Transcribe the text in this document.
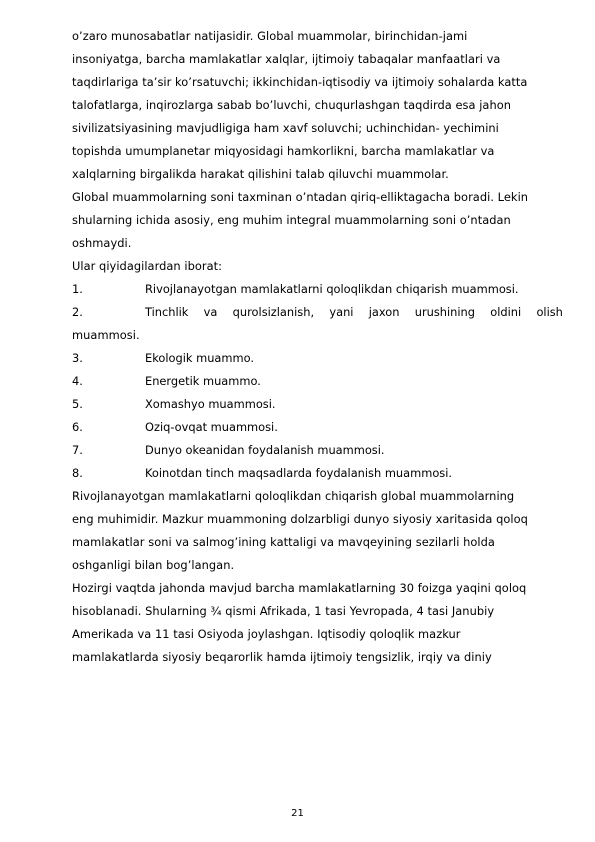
o’zaro munosabatlar natijasidir. Global muammolar, birinchidan-jami
insoniyatga, barcha mamlakatlar xalqlar, ijtimoiy tabaqalar manfaatlari va
taqdirlariga ta’sir ko’rsatuvchi; ikkinchidan-iqtisodiy va ijtimoiy sohalarda katta
talofatlarga, inqirozlarga sabab bo’luvchi, chuqurlashgan taqdirda esa jahon
sivilizatsiyasining mavjudligiga ham xavf soluvchi; uchinchidan- yechimini
topishda umumplanetar miqyosidagi hamkorlikni, barcha mamlakatlar va
xalqlarning birgalikda harakat qilishini talab qiluvchi muammolar.
Global muammolarning soni taxminan o’ntadan qiriq-elliktagacha boradi. Lekin
shularning ichida asosiy, eng muhim integral muammolarning soni o’ntadan
oshmaydi.
Ular qiyidagilardan iborat:
1.	Rivojlanayotgan mamlakatlarni qoloqlikdan chiqarish muammosi.
2.	Tinchlik va qurolsizlanish, yani jaxon urushining oldini olish
muammosi.
3.	Ekologik muammo.
4.	Energetik muammo.
5.	Xomashyo muammosi.
6.	Oziq-ovqat muammosi.
7.	Dunyo okeanidan foydalanish muammosi.
8.	Koinotdan tinch maqsadlarda foydalanish muammosi.
Rivojlanayotgan mamlakatlarni qoloqlikdan chiqarish global muammolarning
eng muhimidir. Mazkur muammoning dolzarbligi dunyo siyosiy xaritasida qoloq
mamlakatlar soni va salmog’ining kattaligi va mavqeyining sezilarli holda
oshganligi bilan bog’langan.
Hozirgi vaqtda jahonda mavjud barcha mamlakatlarning 30 foizga yaqini qoloq
hisoblanadi. Shularning ¾ qismi Afrikada, 1 tasi Yevropada, 4 tasi Janubiy
Amerikada va 11 tasi Osiyoda joylashgan. Iqtisodiy qoloqlik mazkur
mamlakatlarda siyosiy beqarorlik hamda ijtimoiy tengsizlik, irqiy va diniy
21
